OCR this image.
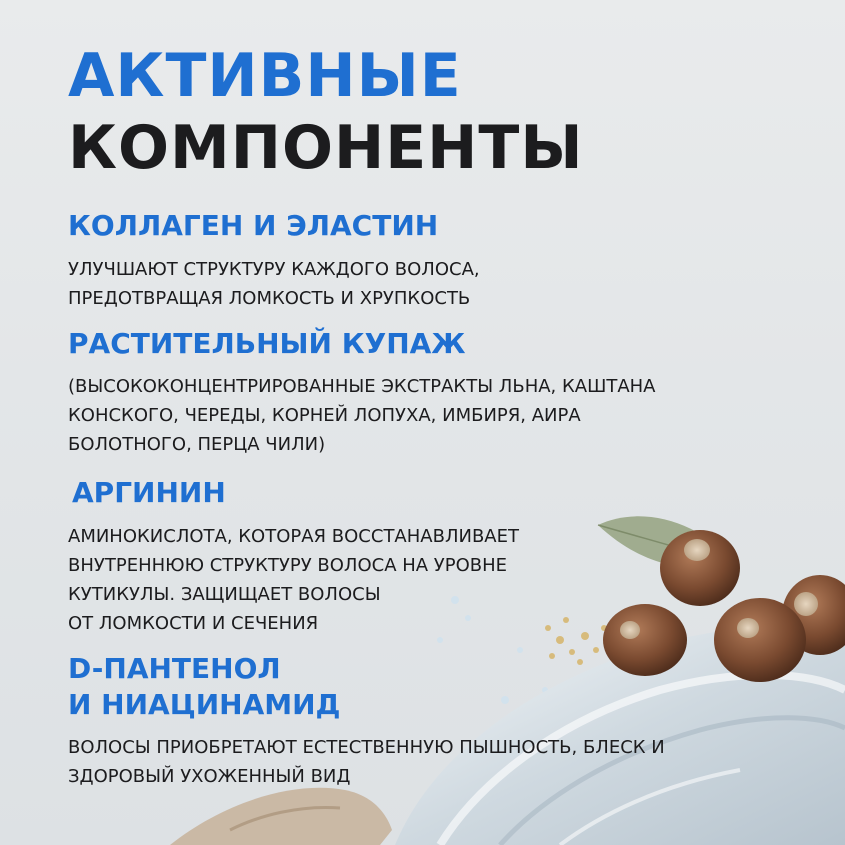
АКТИВНЫЕ
КОМПОНЕНТЫ
КОЛЛАГЕН И ЭЛАСТИН

УЛУЧШАЮТ СТРУКТУРУ КАЖДОГО ВОЛОСА,

ПРЕДОТВРАЩАЯ ЛОМКОСТЬ И ХРУПКОСТЬ

РАСТИТЕЛЬНЫЙ КУПАЖ

(ВЫСОКОКОНЦЕНТРИРОВАННЫЕ ЭКСТРАКТЫ ЛЬНА, КАШТАНА

КОНСКОГО, ЧЕРЕДЫ, КОРНЕЙ ЛОПУХА, ИМБИРЯ, АИРА

БОЛОТНОГО, ПЕРЦА ЧИЛИ)

АРГИНИН

АМИНОКИСЛОТА, КОТОРАЯ ВОССТАНАВЛИВАЕТ

ВНУТРЕННЮЮ СТРУКТУРУ ВОЛОСА НА УРОВНЕ

КУТИКУЛЫ. ЗАЩИЩАЕТ ВОЛОСЫ

ОТ ЛОМКОСТИ И СЕЧЕНИЯ

D-ПАНТЕНОЛ
И НИАЦИНАМИД

ВОЛОСЫ ПРИОБРЕТАЮТ ЕСТЕСТВЕННУЮ ПЫШНОСТЬ, БЛЕСК И

ЗДОРОВЫЙ УХОЖЕННЫЙ ВИД
